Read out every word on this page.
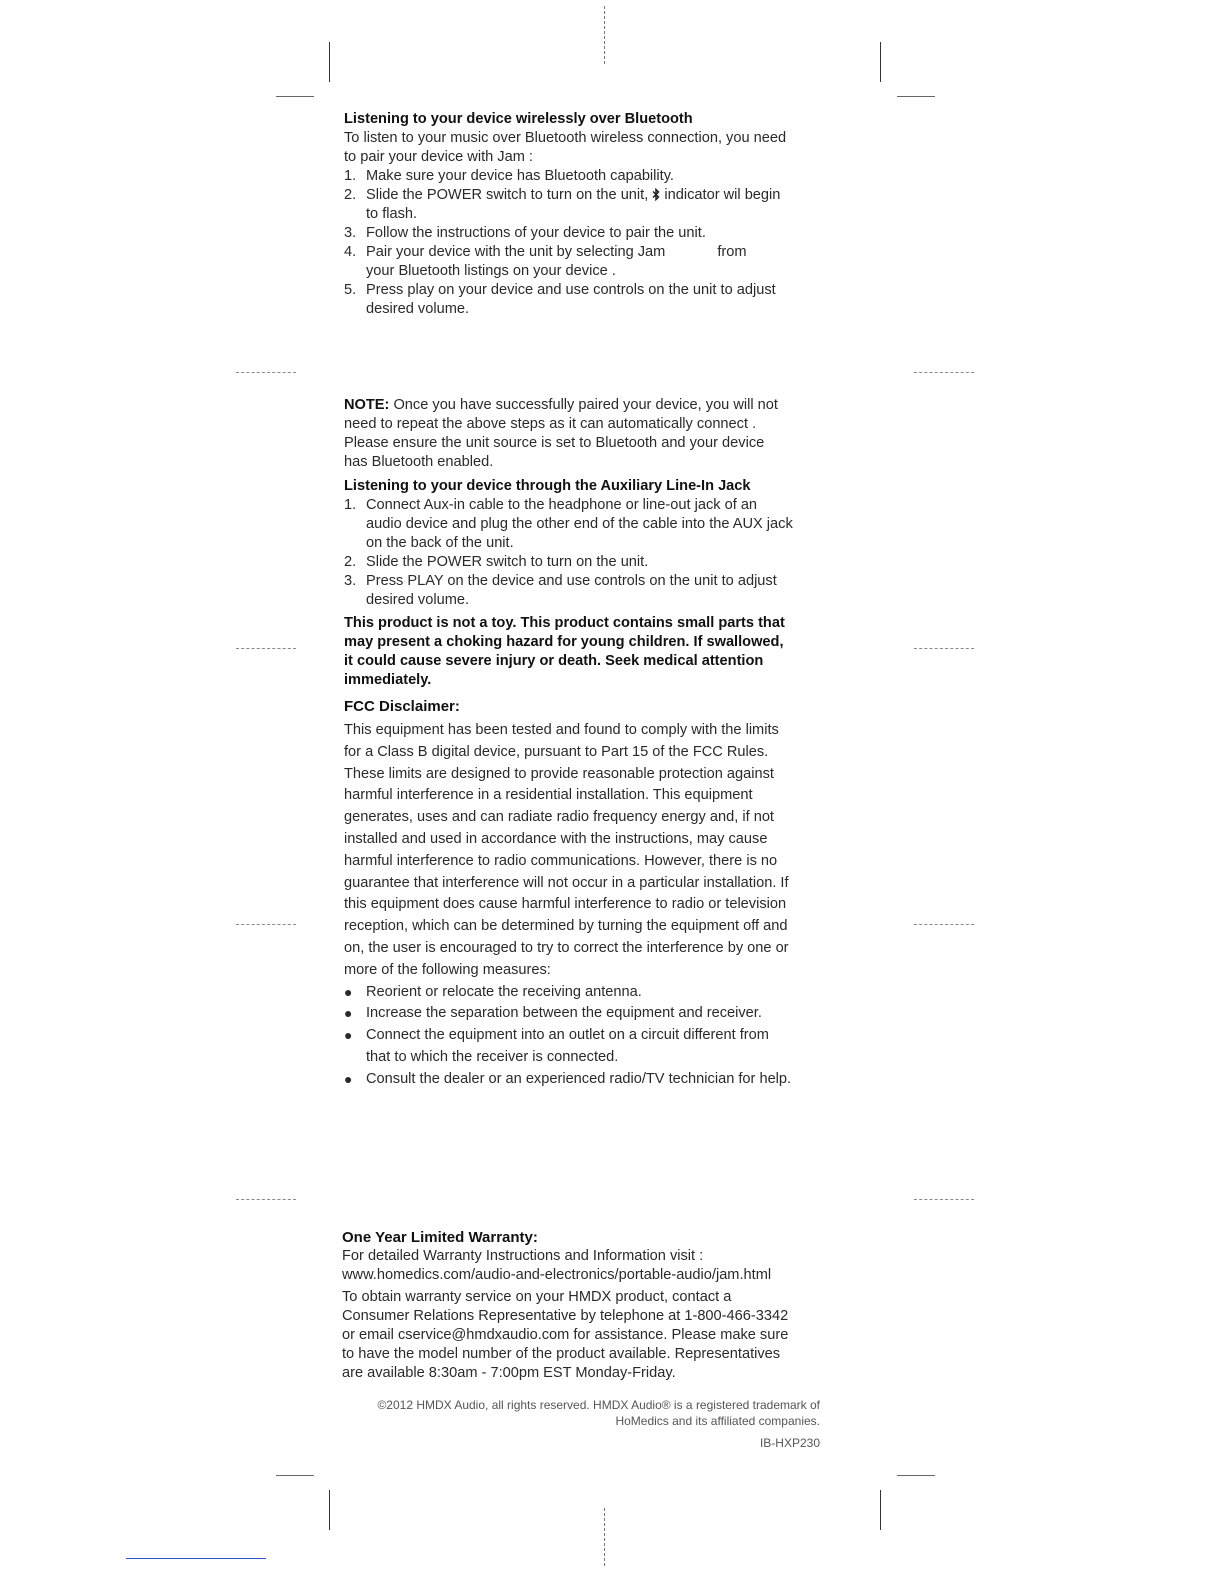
Listening to your device wirelessly over Bluetooth

To listen to your music over Bluetooth wireless connection, you need

to pair your device with Jam :

1. Make sure your device has Bluetooth capability.
2. Slide the POWER switch to turn on the unit,  indicator wil begin
to flash.
3. Follow the instructions of your device to pair the unit.
4. Pair your device with the unit by selecting Jam	from
your Bluetooth listings on your device .
5. Press play on your device and use controls on the unit to adjust
desired volume.

NOTE: Once you have successfully paired your device, you will not
need to repeat the above steps as it can automatically connect .
Please ensure the unit source is set to Bluetooth and your device
has Bluetooth enabled.

Listening to your device through the Auxiliary Line-In Jack

1. Connect Aux-in cable to the headphone or line-out jack of an
audio device and plug the other end of the cable into the AUX jack
on the back of the unit.
2. Slide the POWER switch to turn on the unit.
3. Press PLAY on the device and use controls on the unit to adjust
desired volume.

This product is not a toy. This product contains small parts that
may present a choking hazard for young children. If swallowed,
it could cause severe injury or death. Seek medical attention
immediately.

FCC Disclaimer:

This equipment has been tested and found to comply with the limits
for a Class B digital device, pursuant to Part 15 of the FCC Rules.
These limits are designed to provide reasonable protection against
harmful interference in a residential installation. This equipment
generates, uses and can radiate radio frequency energy and, if not
installed and used in accordance with the instructions, may cause
harmful interference to radio communications. However, there is no
guarantee that interference will not occur in a particular installation. If
this equipment does cause harmful interference to radio or television
reception, which can be determined by turning the equipment off and
on, the user is encouraged to try to correct the interference by one or
more of the following measures:
● Reorient or relocate the receiving antenna.
● Increase the separation between the equipment and receiver.
● Connect the equipment into an outlet on a circuit different from
that to which the receiver is connected.
● Consult the dealer or an experienced radio/TV technician for help.

One Year Limited Warranty:

For detailed Warranty Instructions and Information visit :

www.homedics.com/audio-and-electronics/portable-audio/jam.html

To obtain warranty service on your HMDX product, contact a
Consumer Relations Representative by telephone at 1-800-466-3342
or email cservice@hmdxaudio.com for assistance. Please make sure
to have the model number of the product available. Representatives
are available 8:30am - 7:00pm EST Monday-Friday.

©2012 HMDX Audio, all rights reserved. HMDX Audio® is a registered trademark of
HoMedics and its affiliated companies.
IB-HXP230
